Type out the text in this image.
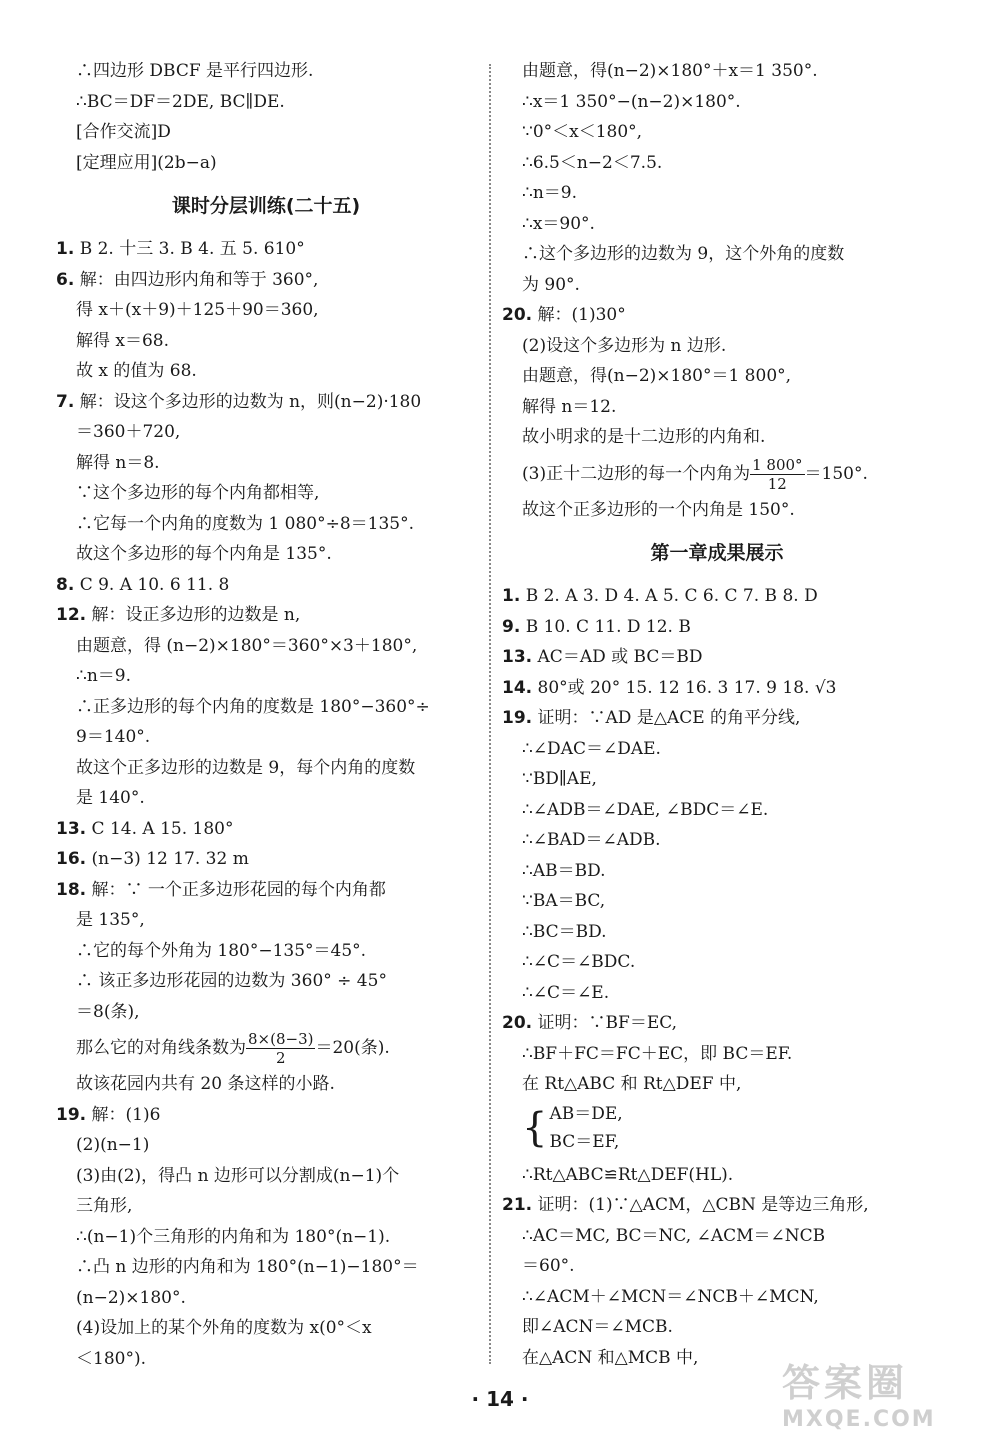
∴四边形 DBCF 是平行四边形.
∴BC＝DF＝2DE, BC∥DE.
[合作交流]D
[定理应用](2b−a)
课时分层训练(二十五)
1. B 2. 十三 3. B 4. 五 5. 610°
6. 解：由四边形内角和等于 360°,
得 x＋(x＋9)＋125＋90＝360,
解得 x＝68.
故 x 的值为 68.
7. 解：设这个多边形的边数为 n，则(n−2)·180
＝360＋720,
解得 n＝8.
∵这个多边形的每个内角都相等,
∴它每一个内角的度数为 1 080°÷8＝135°.
故这个多边形的每个内角是 135°.
8. C 9. A 10. 6 11. 8
12. 解：设正多边形的边数是 n,
由题意，得 (n−2)×180°＝360°×3＋180°,
∴n＝9.
∴正多边形的每个内角的度数是 180°−360°÷
9＝140°.
故这个正多边形的边数是 9，每个内角的度数
是 140°.
13. C 14. A 15. 180°
16. (n−3) 12 17. 32 m
18. 解：∵ 一个正多边形花园的每个内角都
是 135°,
∴它的每个外角为 180°−135°＝45°.
∴ 该正多边形花园的边数为 360° ÷ 45°
＝8(条),
那么它的对角线条数为 $\frac{8\times(8-3)}{2} =20$(条).
故该花园内共有 20 条这样的小路.
19. 解：(1)6
(2)(n−1)
(3)由(2)，得凸 n 边形可以分割成(n−1)个
三角形,
∴(n−1)个三角形的内角和为 180°(n−1).
∴凸 n 边形的内角和为 180°(n−1)−180°＝
(n−2)×180°.
(4)设加上的某个外角的度数为 x(0°＜x
＜180°).
由题意，得(n−2)×180°＋x＝1 350°.
∴x＝1 350°−(n−2)×180°.
∵0°＜x＜180°,
∴6.5＜n−2＜7.5.
∴n＝9.
∴x＝90°.
∴这个多边形的边数为 9，这个外角的度数
为 90°.
20. 解：(1)30°
(2)设这个多边形为 n 边形.
由题意，得(n−2)×180°＝1 800°,
解得 n＝12.
故小明求的是十二边形的内角和.
(3)正十二边形的每一个内角为 $\frac{1 800^\circ}{12} =150^\circ$.
故这个正多边形的一个内角是 150°.
第一章成果展示
1. B 2. A 3. D 4. A 5. C 6. C 7. B 8. D
9. B 10. C 11. D 12. B
13. AC＝AD 或 BC＝BD
14. 80°或 20° 15. 12 16. 3 17. 9 18. √3
19. 证明：∵AD 是△ACE 的角平分线,
∴∠DAC＝∠DAE.
∵BD∥AE,
∴∠ADB＝∠DAE, ∠BDC＝∠E.
∴∠BAD＝∠ADB.
∴AB＝BD.
∵BA＝BC,
∴BC＝BD.
∴∠C＝∠BDC.
∴∠C＝∠E.
20. 证明：∵BF＝EC,
∴BF＋FC＝FC＋EC，即 BC＝EF.
在 Rt△ABC 和 Rt△DEF 中,
{ AB＝DE,
BC＝EF,
∴Rt△ABC≌Rt△DEF(HL).
21. 证明：(1)∵△ACM，△CBN 是等边三角形,
∴AC＝MC, BC＝NC, ∠ACM＝∠NCB
＝60°.
∴∠ACM＋∠MCN＝∠NCB＋∠MCN,
即∠ACN＝∠MCB.
在△ACN 和△MCB 中,
· 14 ·	答案圈
MXQE.COM
